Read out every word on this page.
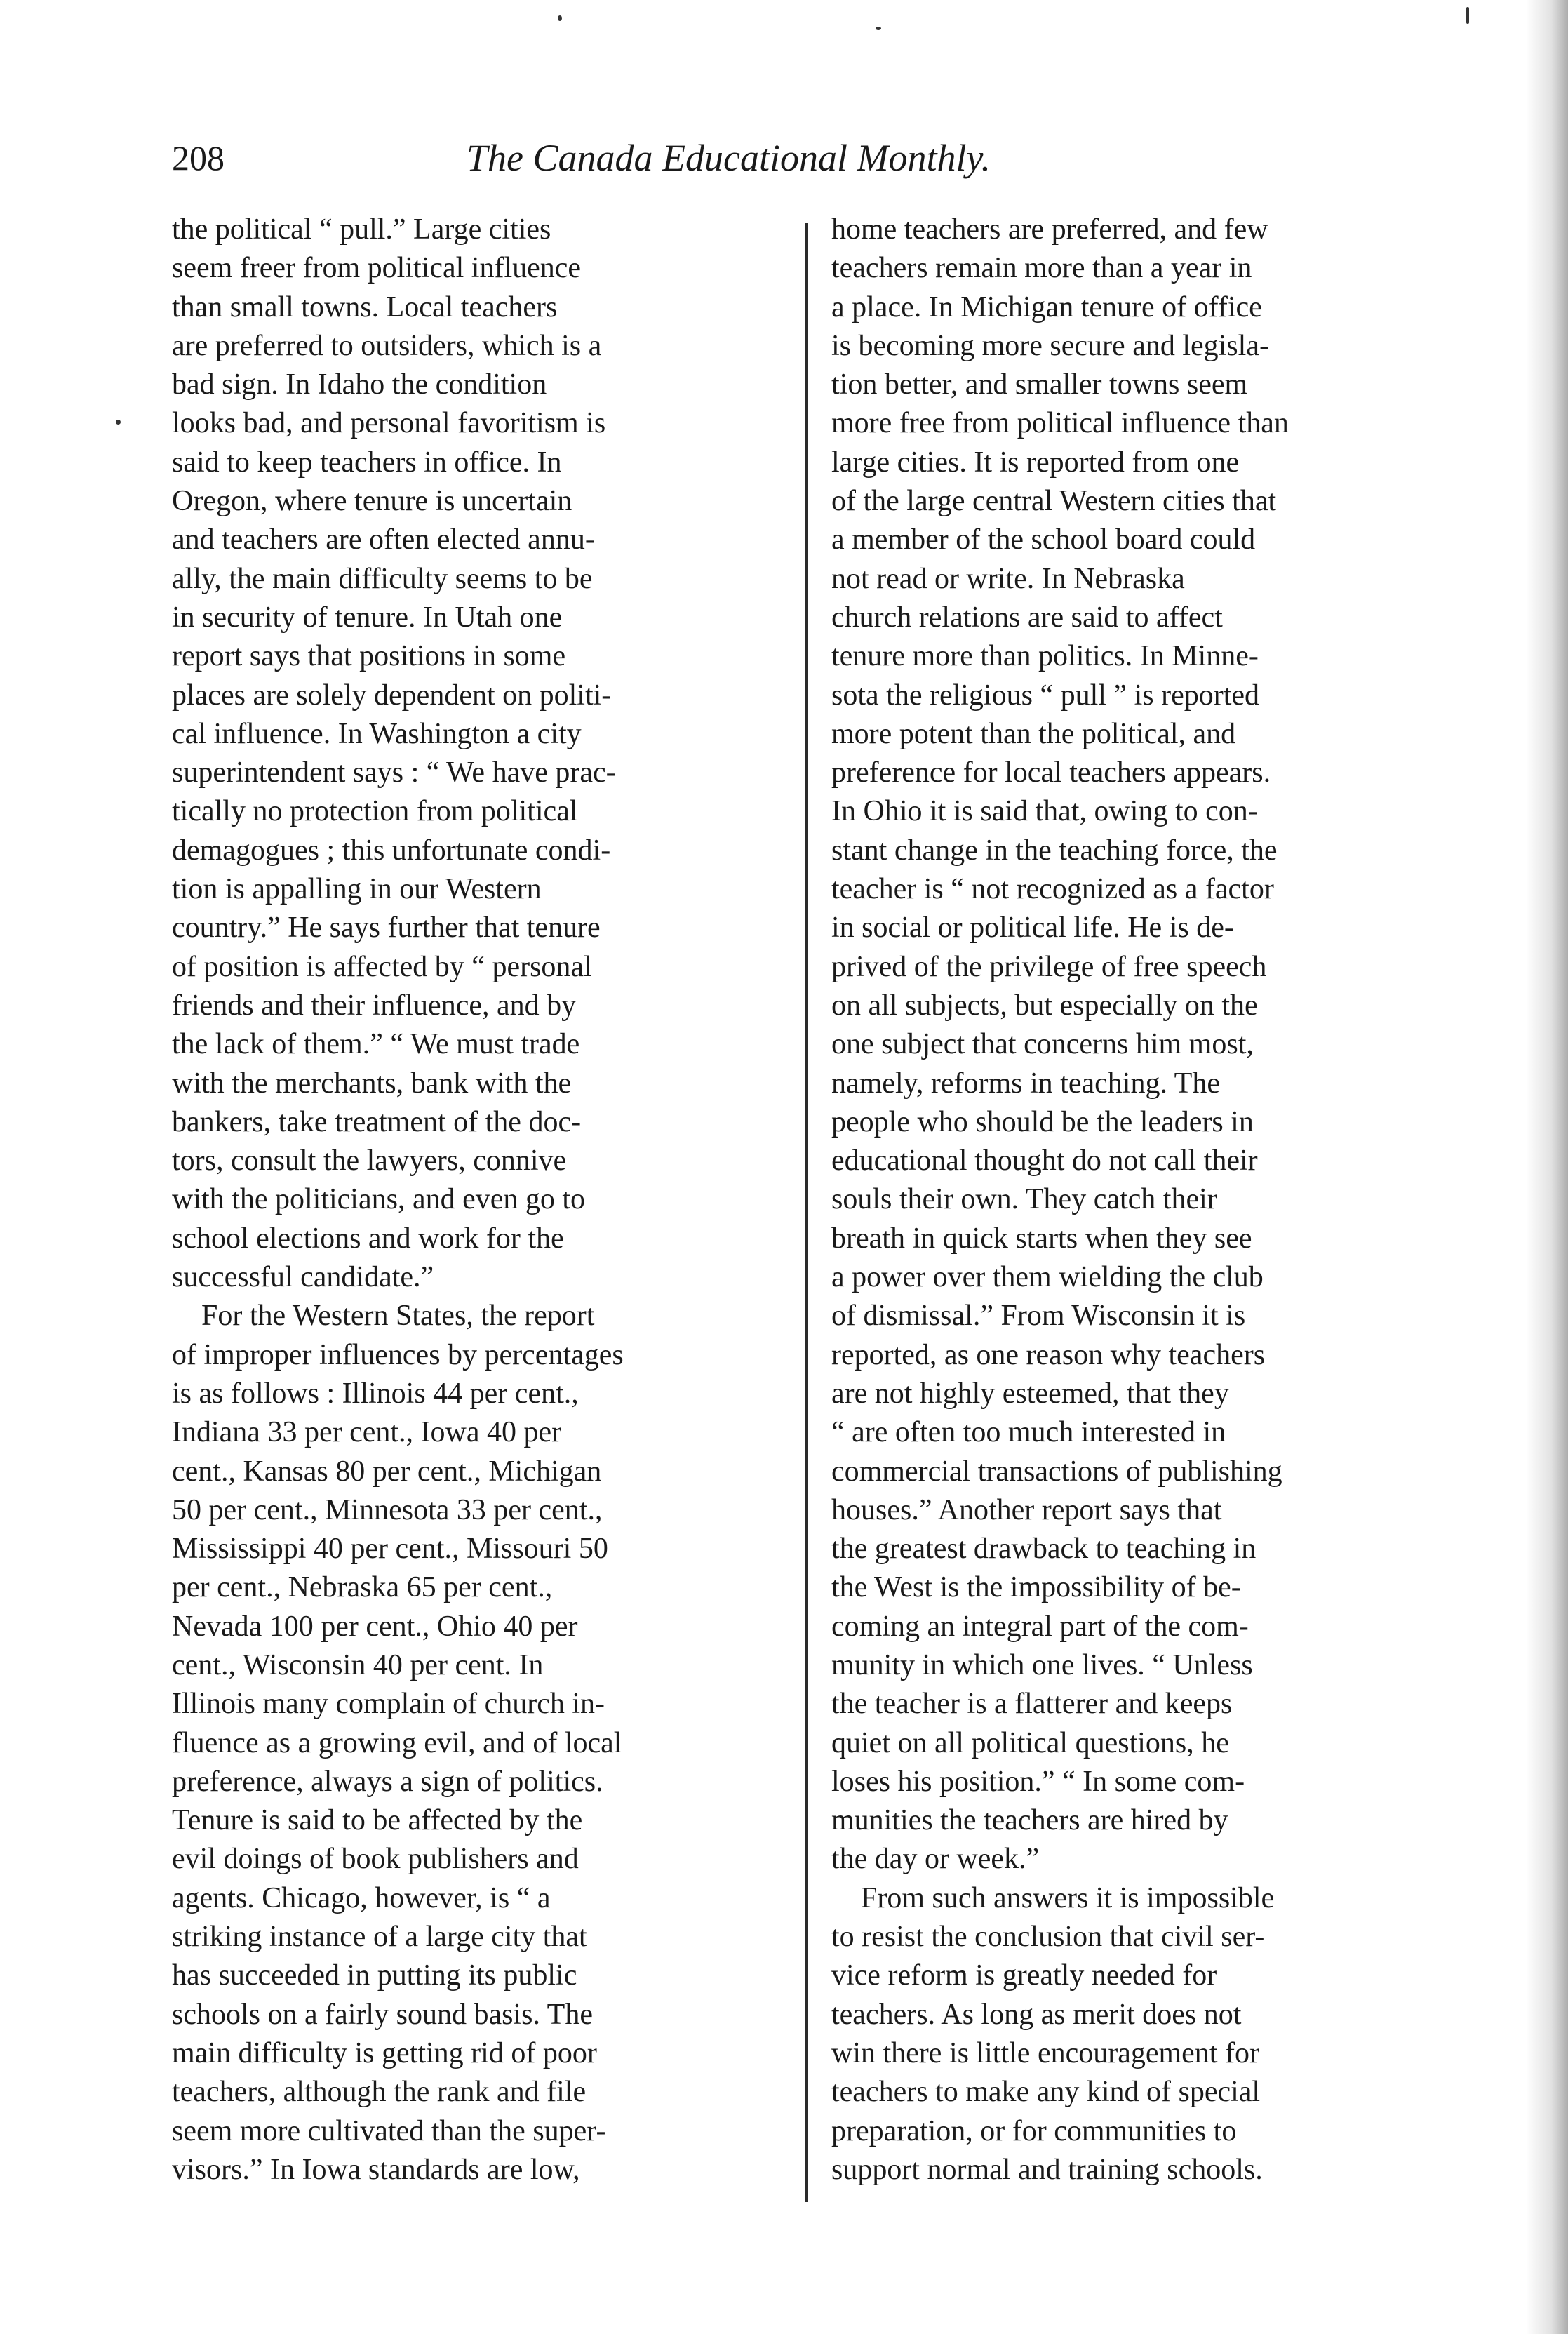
208	The Canada Educational Monthly.
the political “ pull.” Large cities
seem freer from political influence
than small towns. Local teachers
are preferred to outsiders, which is a
bad sign. In Idaho the condition
looks bad, and personal favoritism is
said to keep teachers in office. In
Oregon, where tenure is uncertain
and teachers are often elected annu-
ally, the main difficulty seems to be
in security of tenure. In Utah one
report says that positions in some
places are solely dependent on politi-
cal influence. In Washington a city
superintendent says : “ We have prac-
tically no protection from political
demagogues ; this unfortunate condi-
tion is appalling in our Western
country.” He says further that tenure
of position is affected by “ personal
friends and their influence, and by
the lack of them.” “ We must trade
with the merchants, bank with the
bankers, take treatment of the doc-
tors, consult the lawyers, connive
with the politicians, and even go to
school elections and work for the
successful candidate.”
For the Western States, the report
of improper influences by percentages
is as follows : Illinois 44 per cent.,
Indiana 33 per cent., Iowa 40 per
cent., Kansas 80 per cent., Michigan
50 per cent., Minnesota 33 per cent.,
Mississippi 40 per cent., Missouri 50
per cent., Nebraska 65 per cent.,
Nevada 100 per cent., Ohio 40 per
cent., Wisconsin 40 per cent. In
Illinois many complain of church in-
fluence as a growing evil, and of local
preference, always a sign of politics.
Tenure is said to be affected by the
evil doings of book publishers and
agents. Chicago, however, is “ a
striking instance of a large city that
has succeeded in putting its public
schools on a fairly sound basis. The
main difficulty is getting rid of poor
teachers, although the rank and file
seem more cultivated than the super-
visors.” In Iowa standards are low,
home teachers are preferred, and few
teachers remain more than a year in
a place. In Michigan tenure of office
is becoming more secure and legisla-
tion better, and smaller towns seem
more free from political influence than
large cities. It is reported from one
of the large central Western cities that
a member of the school board could
not read or write. In Nebraska
church relations are said to affect
tenure more than politics. In Minne-
sota the religious “ pull ” is reported
more potent than the political, and
preference for local teachers appears.
In Ohio it is said that, owing to con-
stant change in the teaching force, the
teacher is “ not recognized as a factor
in social or political life. He is de-
prived of the privilege of free speech
on all subjects, but especially on the
one subject that concerns him most,
namely, reforms in teaching. The
people who should be the leaders in
educational thought do not call their
souls their own. They catch their
breath in quick starts when they see
a power over them wielding the club
of dismissal.” From Wisconsin it is
reported, as one reason why teachers
are not highly esteemed, that they
“ are often too much interested in
commercial transactions of publishing
houses.” Another report says that
the greatest drawback to teaching in
the West is the impossibility of be-
coming an integral part of the com-
munity in which one lives. “ Unless
the teacher is a flatterer and keeps
quiet on all political questions, he
loses his position.” “ In some com-
munities the teachers are hired by
the day or week.”
From such answers it is impossible
to resist the conclusion that civil ser-
vice reform is greatly needed for
teachers. As long as merit does not
win there is little encouragement for
teachers to make any kind of special
preparation, or for communities to
support normal and training schools.
